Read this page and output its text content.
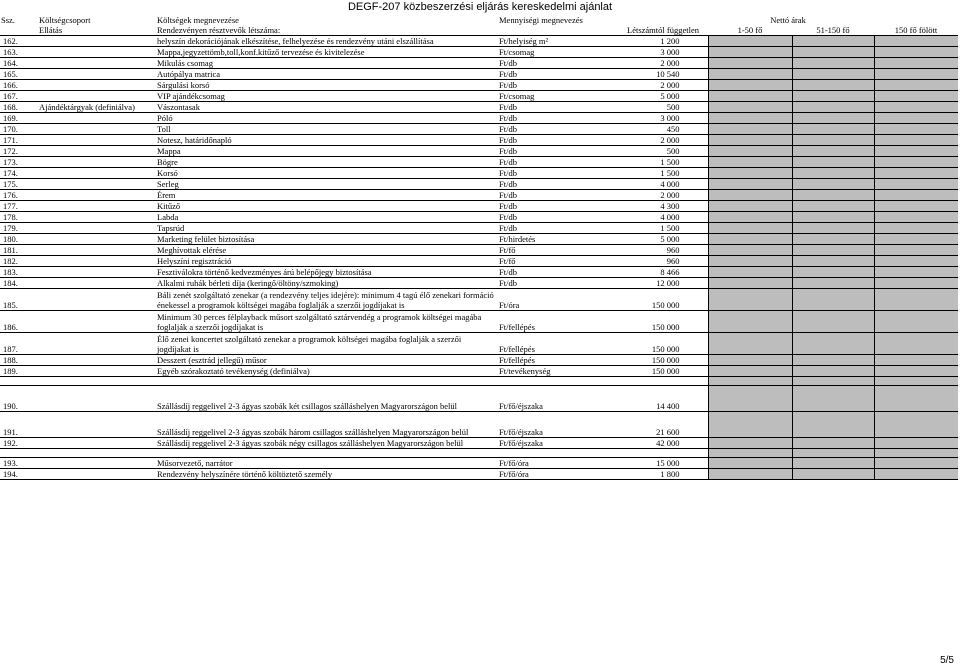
DEGF-207 közbeszerzési eljárás kereskedelmi ajánlat
Ssz.	Költségcsoport	Költségek megnevezése	Mennyiségi megnevezés	Nettó árak			
	Ellátás	Rendezvényen résztvevők létszáma:		Létszámtól független	1-50 fő	51-150 fő	150 fő fölött
162.		helyszín dekorációjának elkészítése, felhelyezése és rendezvény utáni elszállítása	Ft/helyiség m²	1 200			
163.		Mappa,jegyzettömb,toll,konf.kitűző tervezése és kivitelezése	Ft/csomag	3 000			
164.		Mikulás csomag	Ft/db	2 000			
165.		Autópálya matrica	Ft/db	10 540			
166.		Sárgulási korsó	Ft/db	2 000			
167.		VIP ajándékcsomag	Ft/csomag	5 000			
168.	Ajándéktárgyak (definiálva)	Vászontasak	Ft/db	500			
169.		Póló	Ft/db	3 000			
170.		Toll	Ft/db	450			
171.		Notesz, határidőnapló	Ft/db	2 000			
172.		Mappa	Ft/db	500			
173.		Bögre	Ft/db	1 500			
174.		Korsó	Ft/db	1 500			
175.		Serleg	Ft/db	4 000			
176.		Érem	Ft/db	2 000			
177.		Kitűző	Ft/db	4 300			
178.		Labda	Ft/db	4 000			
179.		Tapsrúd	Ft/db	1 500			
180.		Marketing felület biztosítása	Ft/hirdetés	5 000			
181.		Meghívottak elérése	Ft/fő	960			
182.		Helyszíni regisztráció	Ft/fő	960			
183.		Fesztiválokra történő kedvezményes árú belépőjegy biztosítása	Ft/db	8 466			
184.		Alkalmi ruhák bérleti díja (keringő/öltöny/szmoking)	Ft/db	12 000			
185.		Báli zenét szolgáltató zenekar (a rendezvény teljes idejére): minimum 4 tagú élő zenekari formáció énekessel a programok költségei magába foglalják a szerzői jogdíjakat is	Ft/óra	150 000			
186.		Minimum 30 perces félplayback műsort szolgáltató sztárvendég a programok költségei magába foglalják a szerzői jogdíjakat is	Ft/fellépés	150 000			
187.		Élő zenei koncertet szolgáltató zenekar a programok költségei magába foglalják a szerzői jogdíjakat is	Ft/fellépés	150 000			
188.		Desszert (esztrád jellegű) műsor	Ft/fellépés	150 000			
189.		Egyéb szórakoztató tevékenység (definiálva)	Ft/tevékenység	150 000			

190.		Szállásdíj reggelivel 2-3 ágyas szobák két csillagos szálláshelyen Magyarországon belül	Ft/fő/éjszaka	14 400			
191.		Szállásdíj reggelivel 2-3 ágyas szobák három csillagos szálláshelyen Magyarországon belül	Ft/fő/éjszaka	21 600			
192.		Szállásdíj reggelivel 2-3 ágyas szobák négy csillagos szálláshelyen Magyarországon belül	Ft/fő/éjszaka	42 000			

193.		Műsorvezető, narrátor	Ft/fő/óra	15 000			
194.		Rendezvény helyszínére történő költöztető személy	Ft/fő/óra	1 800			
5/5
